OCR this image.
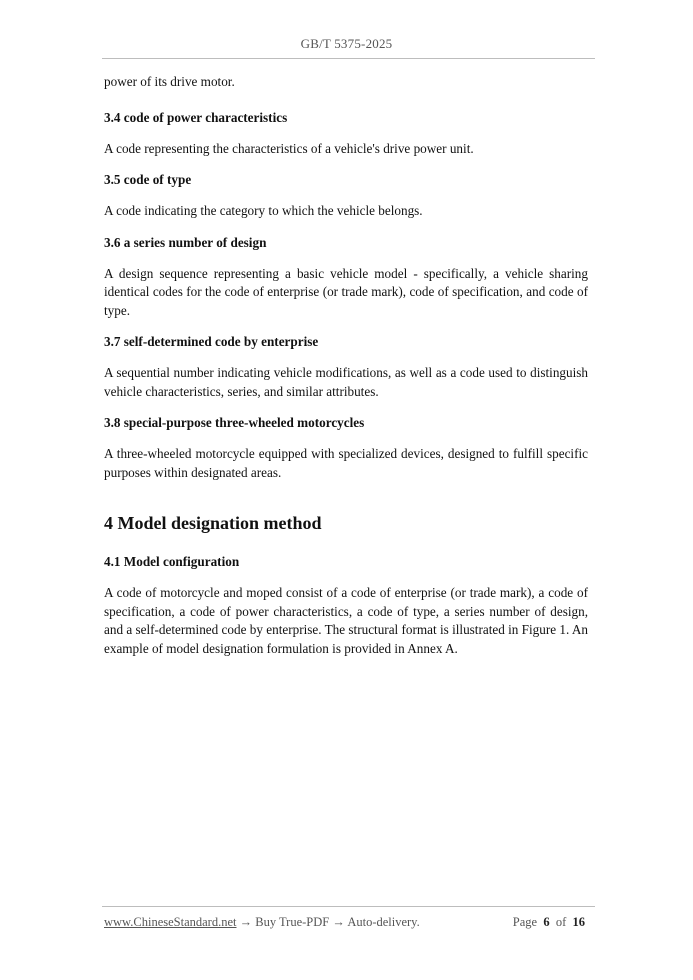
GB/T 5375-2025

power of its drive motor.

3.4 code of power characteristics

A code representing the characteristics of a vehicle's drive power unit.

3.5 code of type

A code indicating the category to which the vehicle belongs.

3.6 a series number of design

A design sequence representing a basic vehicle model - specifically, a vehicle sharing identical codes for the code of enterprise (or trade mark), code of specification, and code of type.

3.7 self-determined code by enterprise

A sequential number indicating vehicle modifications, as well as a code used to distinguish vehicle characteristics, series, and similar attributes.

3.8 special-purpose three-wheeled motorcycles

A three-wheeled motorcycle equipped with specialized devices, designed to fulfill specific purposes within designated areas.

4 Model designation method

4.1 Model configuration

A code of motorcycle and moped consist of a code of enterprise (or trade mark), a code of specification, a code of power characteristics, a code of type, a series number of design, and a self-determined code by enterprise. The structural format is illustrated in Figure 1. An example of model designation formulation is provided in Annex A.

www.ChineseStandard.net → Buy True-PDF → Auto-delivery.	Page 6 of 16
